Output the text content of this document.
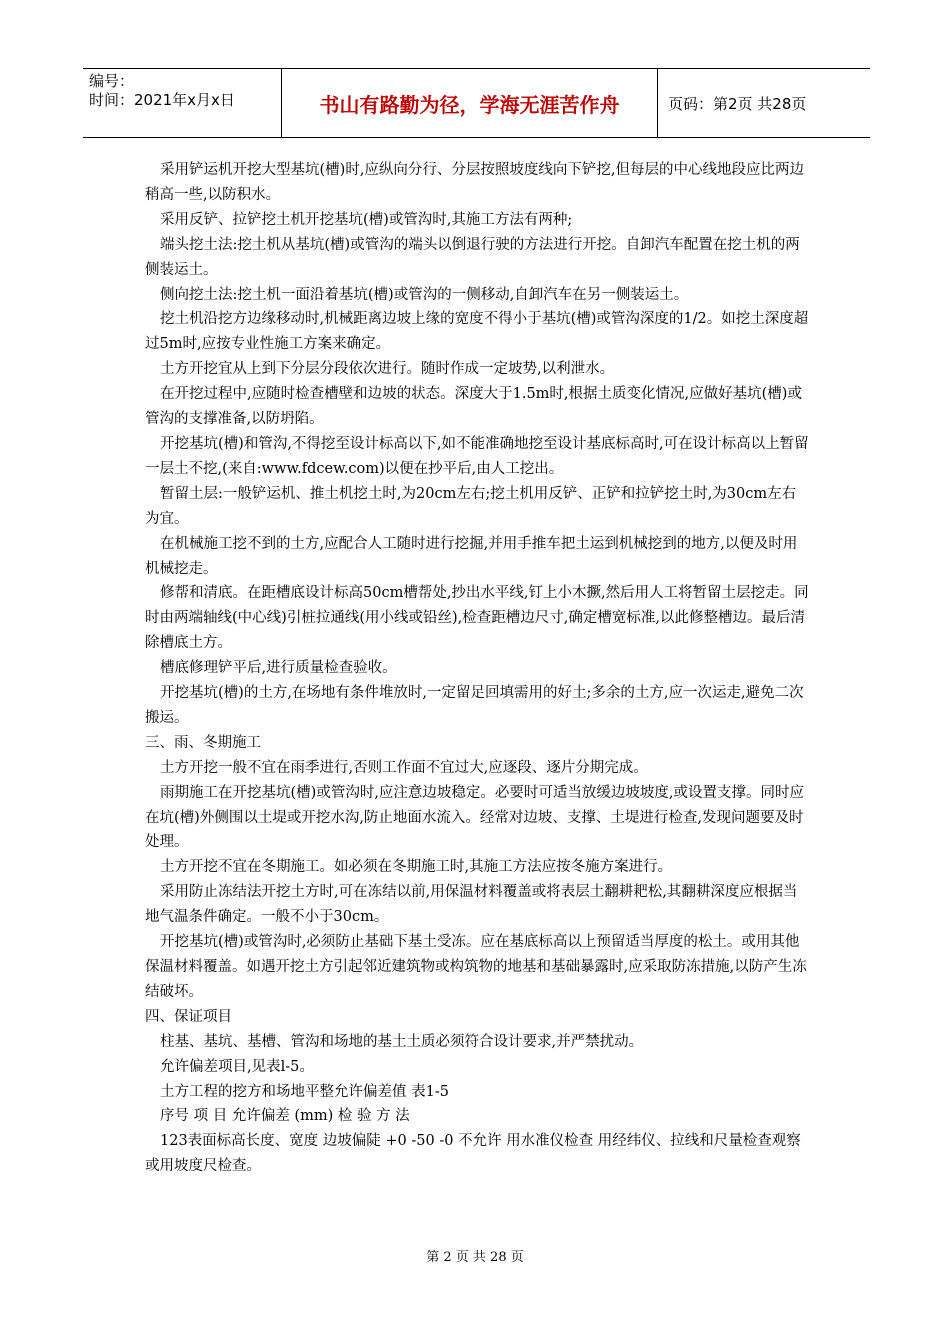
编号：
时间：2021年x月x日	书山有路勤为径，学海无涯苦作舟	页码：第2页 共28页

采用铲运机开挖大型基坑(槽)时,应纵向分行、分层按照坡度线向下铲挖,但每层的中心线地段应比两边稍高一些,以防积水。

采用反铲、拉铲挖土机开挖基坑(槽)或管沟时,其施工方法有两种;

端头挖土法:挖土机从基坑(槽)或管沟的端头以倒退行驶的方法进行开挖。自卸汽车配置在挖土机的两侧装运土。

侧向挖土法:挖土机一面沿着基坑(槽)或管沟的一侧移动,自卸汽车在另一侧装运土。

挖土机沿挖方边缘移动时,机械距离边坡上缘的宽度不得小于基坑(槽)或管沟深度的1/2。如挖土深度超过5m时,应按专业性施工方案来确定。

土方开挖宜从上到下分层分段依次进行。随时作成一定坡势,以利泄水。

在开挖过程中,应随时检查槽壁和边坡的状态。深度大于1.5m时,根据土质变化情况,应做好基坑(槽)或管沟的支撑准备,以防坍陷。

开挖基坑(槽)和管沟,不得挖至设计标高以下,如不能准确地挖至设计基底标高时,可在设计标高以上暂留一层土不挖,(来自:www.fdcew.com)以便在抄平后,由人工挖出。

暂留土层:一般铲运机、推土机挖土时,为20cm左右;挖土机用反铲、正铲和拉铲挖土时,为30cm左右为宜。

在机械施工挖不到的土方,应配合人工随时进行挖掘,并用手推车把土运到机械挖到的地方,以便及时用机械挖走。

修帮和清底。在距槽底设计标高50cm槽帮处,抄出水平线,钉上小木撅,然后用人工将暂留土层挖走。同时由两端轴线(中心线)引桩拉通线(用小线或铅丝),检查距槽边尺寸,确定槽宽标准,以此修整槽边。最后清除槽底土方。

槽底修理铲平后,进行质量检查验收。

开挖基坑(槽)的土方,在场地有条件堆放时,一定留足回填需用的好土;多余的土方,应一次运走,避免二次搬运。

三、雨、冬期施工

土方开挖一般不宜在雨季进行,否则工作面不宜过大,应逐段、逐片分期完成。

雨期施工在开挖基坑(槽)或管沟时,应注意边坡稳定。必要时可适当放缓边坡坡度,或设置支撑。同时应在坑(槽)外侧围以土堤或开挖水沟,防止地面水流入。经常对边坡、支撑、土堤进行检查,发现问题要及时处理。

土方开挖不宜在冬期施工。如必须在冬期施工时,其施工方法应按冬施方案进行。

采用防止冻结法开挖土方时,可在冻结以前,用保温材料覆盖或将表层土翻耕耙松,其翻耕深度应根据当地气温条件确定。一般不小于30cm。

开挖基坑(槽)或管沟时,必须防止基础下基土受冻。应在基底标高以上预留适当厚度的松土。或用其他保温材料覆盖。如遇开挖土方引起邻近建筑物或构筑物的地基和基础暴露时,应采取防冻措施,以防产生冻结破坏。

四、保证项目

柱基、基坑、基槽、管沟和场地的基土土质必须符合设计要求,并严禁扰动。

允许偏差项目,见表l-5。

土方工程的挖方和场地平整允许偏差值 表1-5

序号 项 目 允许偏差 (mm) 检 验 方 法

123表面标高长度、宽度 边坡偏陡 +0 -50 -0 不允许 用水准仪检查 用经纬仪、拉线和尺量检查观察或用坡度尺检查。

第 2 页 共 28 页
